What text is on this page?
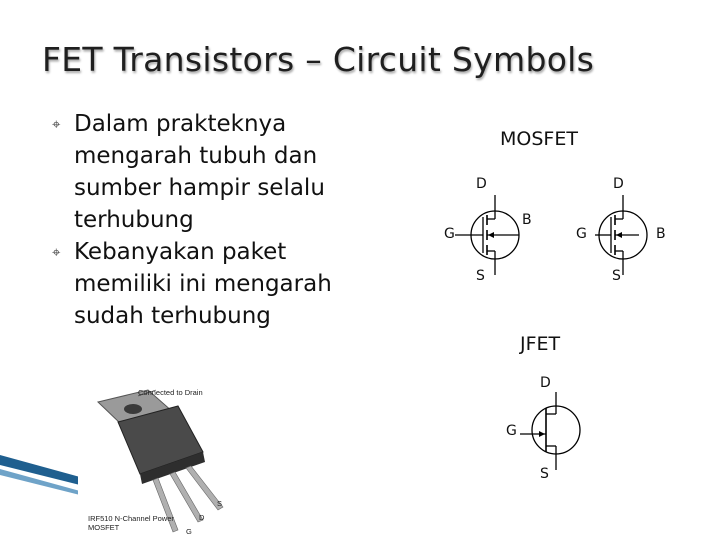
FET Transistors – Circuit Symbols
⌖ Dalam prakteknya mengarah tubuh dan sumber hampir selalu terhubung
⌖ Kebanyakan paket memiliki ini mengarah sudah terhubung
MOSFET
D
G
B
S
D
G	B
S
JFET
D
G
S
Connected to Drain
IRF510 N-Channel Power MOSFET
S
D
G
